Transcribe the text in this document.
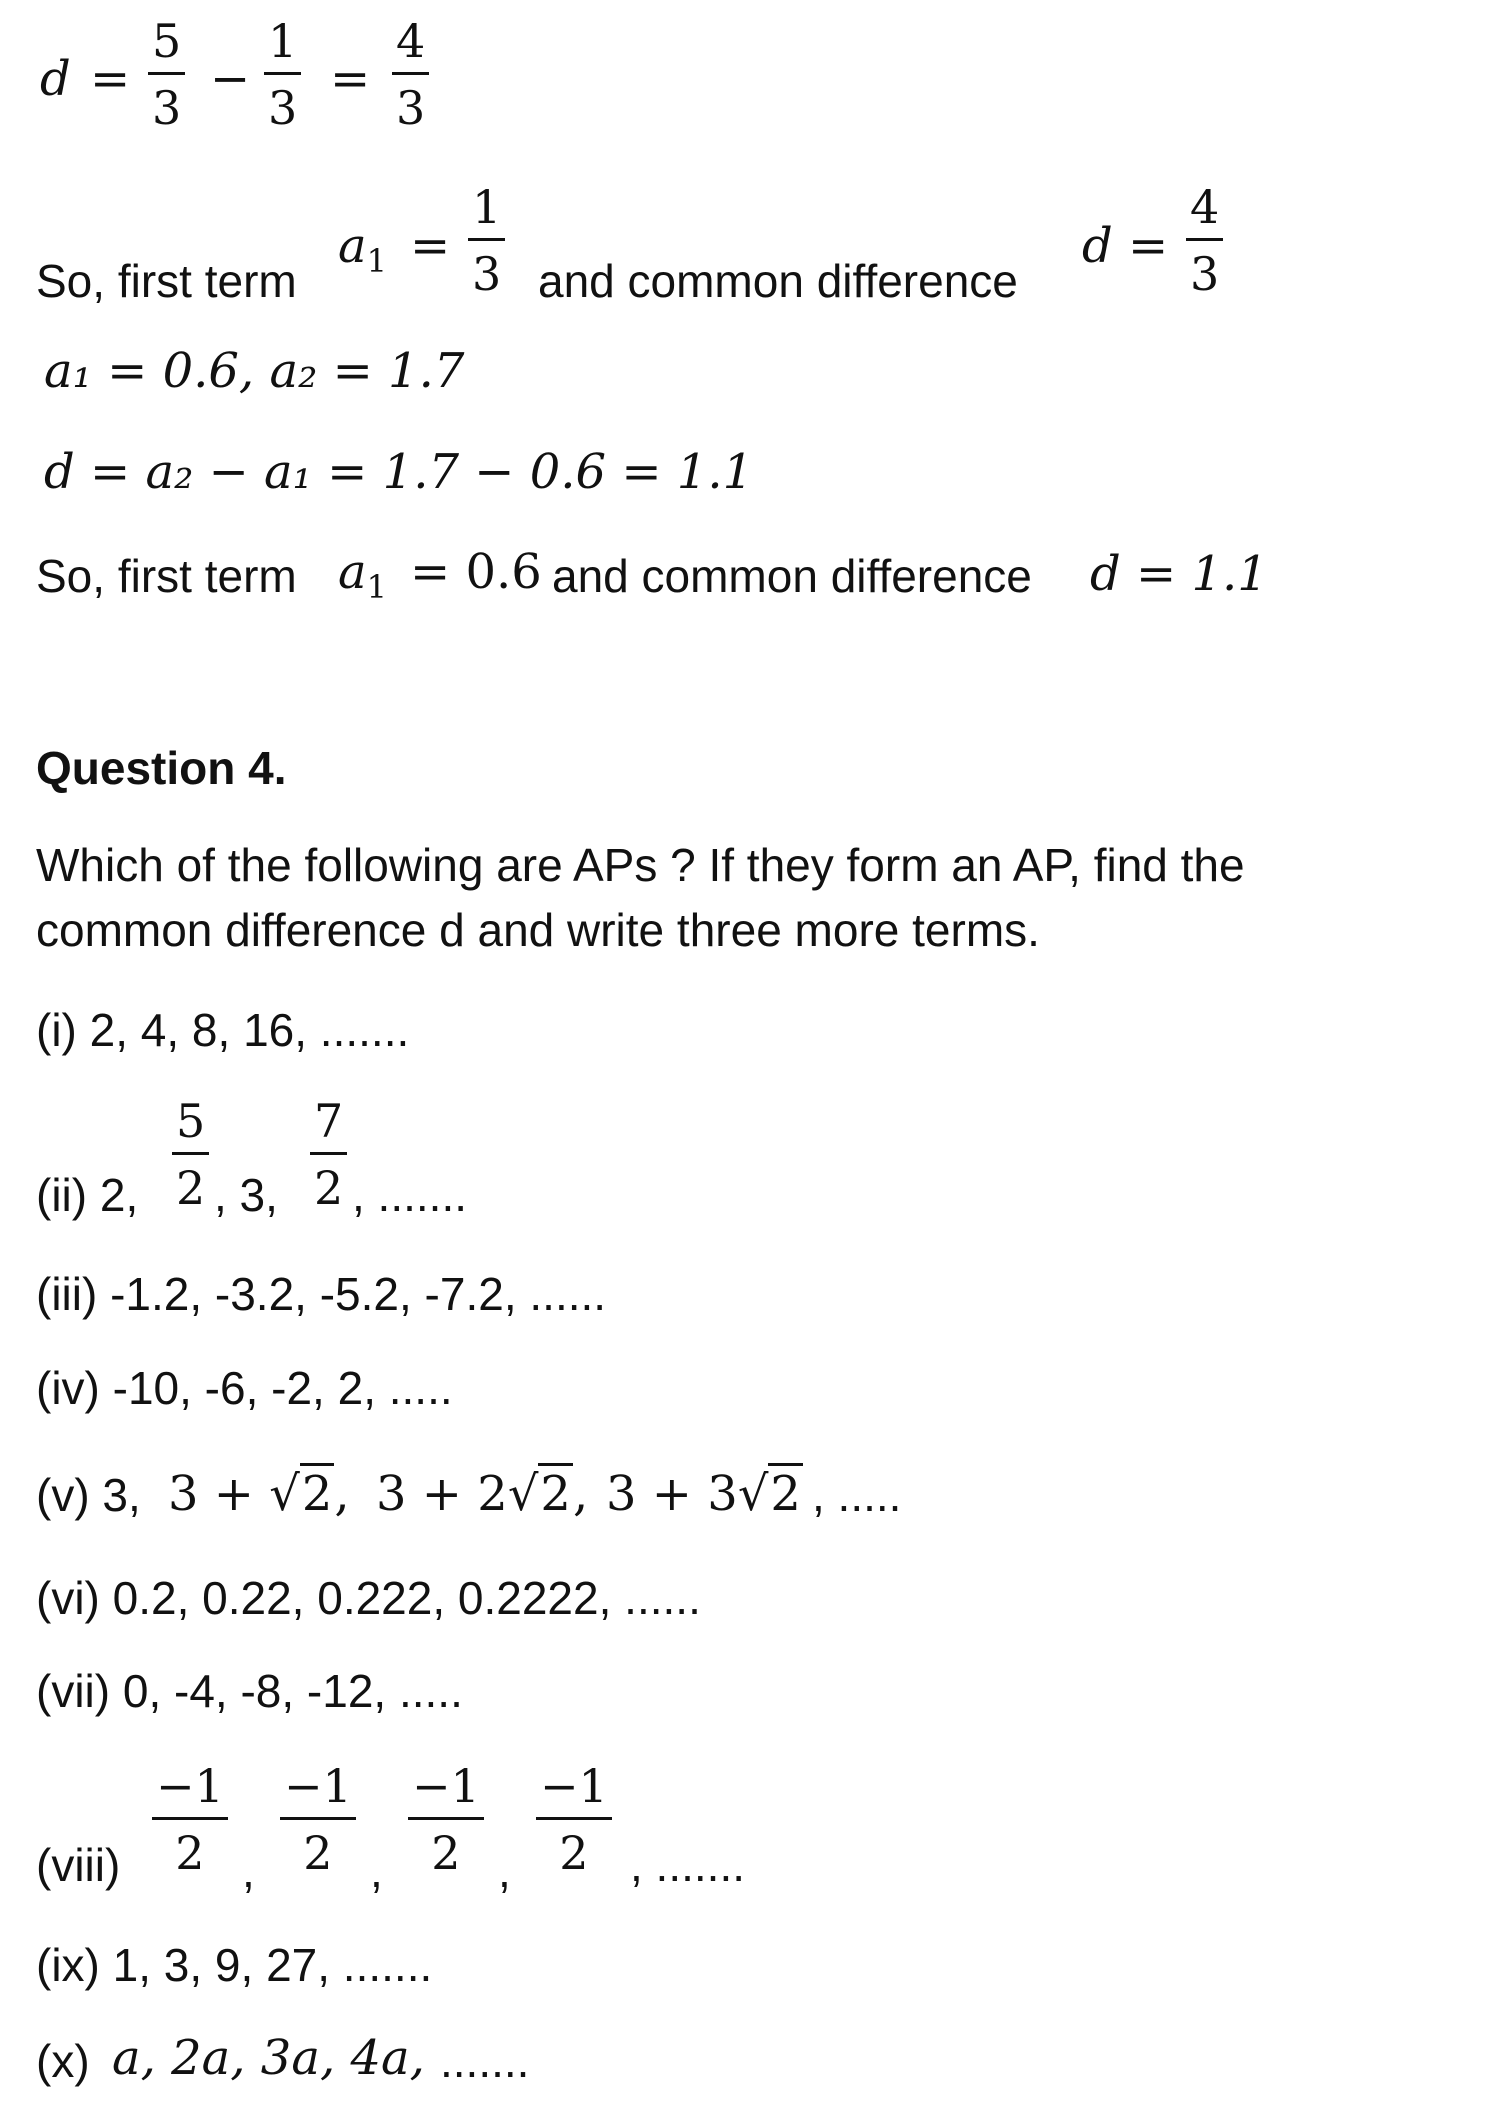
d =
5
3
−
1
3
=
4
3
So, first term
$a_1$ =
1
3 and common difference
d =
4
3
a₁ = 0.6, a₂ = 1.7
d = a₂ − a₁ = 1.7 − 0.6 = 1.1
So, first term $a_1 = 0.6$ and common difference d = 1.1
Question 4.
Which of the following are APs ? If they form an AP, find the
common difference d and write three more terms.
(i) 2, 4, 8, 16, .......
(ii) 2,
5
2 , 3,
7
2 , .......
(iii) -1.2, -3.2, -5.2, -7.2, ......
(iv) -10, -6, -2, 2, .....
(v) 3, 3 + √2, 3 + 2√2, 3 + 3√2 , .....
(vi) 0.2, 0.22, 0.222, 0.2222, ......
(vii) 0, -4, -8, -12, .....
(viii)
−1
2 ,
−1
2 ,
−1
2 ,
−1
2 , .......
(ix) 1, 3, 9, 27, .......
(x) a, 2a, 3a, 4a, .......
